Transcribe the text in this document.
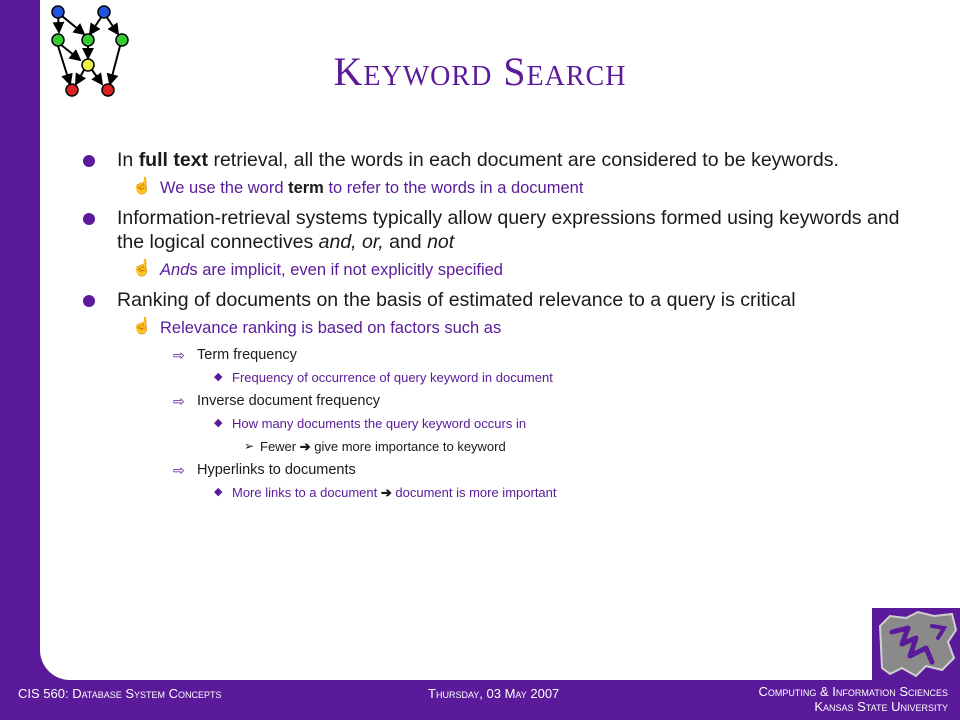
Keyword Search
In full text retrieval, all the words in each document are considered to be keywords.
☝ We use the word term to refer to the words in a document
Information-retrieval systems typically allow query expressions formed using keywords and the logical connectives and, or, and not
☝ Ands are implicit, even if not explicitly specified
Ranking of documents on the basis of estimated relevance to a query is critical
☝ Relevance ranking is based on factors such as
⇨ Term frequency
◆ Frequency of occurrence of query keyword in document
⇨ Inverse document frequency
◆ How many documents the query keyword occurs in
➢ Fewer ➔ give more importance to keyword
⇨ Hyperlinks to documents
◆ More links to a document ➔ document is more important
CIS 560: Database System Concepts	Thursday, 03 May 2007	Computing & Information Sciences
Kansas State University
